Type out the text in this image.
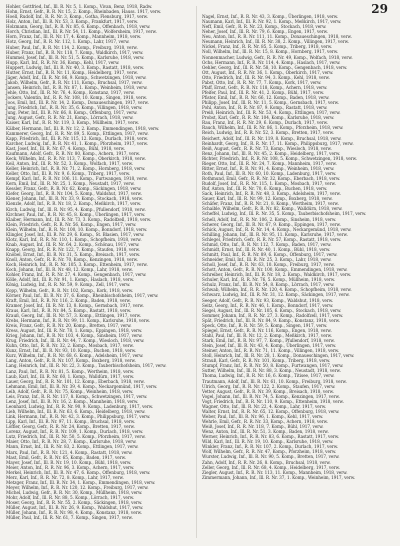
29
Hohler, Gottfried, Inf., Ill. R. Nr. 5, 1. Komp., Vivan, Benz, 1918, Radw.
Hohn, Ernst, Gefr., R. R. Nr. 15, 2. Komp., Rheinbaden, Hauss. 1917, verw.
Hoell, Rudolf, Inf., R. R. Nr. 3, Komp., Gotha, Flensburg, 1917, verw.
Holz, Anton, Inf., Ill. R. Nr. 53, 3. Komp., Frankfurt, 1917, verw.
Holzmann, Georg, Inf., R. R. Nr. 85, 6. Komp., Offenbach, 1918, verw.
Horch, Christian, Inf., Ill. R. Nr. 54, 11. Komp., Wolfersheim, 1917, verw.
Horn, Franz, Inf., Ill. R. Nr. 17, 4. Komp., Mannheim, 1918, verw.
Hotz, Georg, Inf., R. R. Nr. 112, 1. Komp., Lahr, 1917, verw.
Huber, Paul, Inf., R. R. Nr. 114, 2. Komp., Freiburg, 1918, verw.
Huber, Franz, Inf., R. R. Nr. 118, 7. Komp., Waldkirch, 1917, verw.
Hummel, Josef, Inf., Ill. R. Nr. 51, 5. Komp., Karlsruhe, 1918, verw.
Hupp, Karl, Inf., R. R. Nr. 36, Komp., Kehl, 1917, verw.
Huppert, Ludwig, Inf., Ill. R. Nr. 40, 3. Komp., Rastatt, 1918, verw.
Hutter, Ernst, Inf., R. R. Nr. 11, Komp., Heidelberg, 1917, verw.
Jäger, Adolf, Inf., Ill. R. Nr. 86, 9. Komp., Schwetzingen, 1918, verw.
Jakob, Wilhelm, Gefr., R. R. Nr. 111, Komp., Bruchsal, 1917, verw.
Jansen, Heinrich, Inf., R. R. Nr. 87, 1. Komp., Weinheim, 1918, verw.
Jehle, Otto, Inf., Ill. R. Nr. 76, 4. Komp., Konstanz, 1917, verw.
Jockers, Valentin, Inf., R. R. Nr. 108, 10. Komp., Singen, 1918, verw.
Joos, Emil, Inf., Ill. R. Nr. 14, 2. Komp., Donaueschingen, 1917, verw.
Jung, Friedrich, Inf., R. R. Nr. 35, 6. Komp., Villingen, 1918, verw.
Jung, Peter, Inf., Ill. R. Nr. 66, 8. Komp., Offenburg, 1917, verw.
Jung, August, Gefr., R. R. Nr. 21, Komp., Lörrach, 1918, verw.
Kaiser, Karl, Inf., R. R. Nr. 119, 3. Komp., Müllheim, 1917, verw.
Kälber, Hermann, Inf., Ill. R. Nr. 12, 2. Komp., Emmendingen, 1918, verw.
Kammerer, Georg, Inf., R. R. Nr. 89, 5. Komp., Ettlingen, 1917, verw.
Kapp, Friedrich, Inf., Ill. R. Nr. 115, 12. Komp., Durlach, 1918, verw.
Karcher, Ludwig, Inf., R. R. Nr. 41, 1. Komp., Pforzheim, 1917, verw.
Kast, Josef, Inf., Ill. R. Nr. 67, 4. Komp., Bühl, 1918, verw.
Kaufmann, Adolf, Gefr., R. R. Nr. 80, Komp., Achern, 1917, verw.
Keck, Wilhelm, Inf., R. R. Nr. 113, 7. Komp., Oberkirch, 1918, verw.
Keil, Anton, Inf., Ill. R. Nr. 52, 3. Komp., Wolfach, 1917, verw.
Keller, Heinrich, Inf., R. R. Nr. 71, 2. Komp., Hornberg, 1918, verw.
Keller, Otto, Inf., Ill. R. Nr. 9, 6. Komp., Triberg, 1917, verw.
Kempf, Karl, Inf., R. R. Nr. 106, 11. Komp., Furtwangen, 1918, verw.
Kern, Emil, Inf., Ill. R. Nr. 25, 1. Komp., Neustadt, 1917, verw.
Kessler, Franz, Gefr., R. R. Nr. 62, Komp., Säckingen, 1918, verw.
Kiefer, Georg, Inf., R. R. Nr. 104, 5. Komp., Waldshut, 1917, verw.
Kiener, Johann, Inf., Ill. R. Nr. 33, 9. Komp., Stockach, 1918, verw.
Kienzle, Adolf, Inf., R. R. Nr. 18, 2. Komp., Meßkirch, 1917, verw.
Kirch, Ludwig, Inf., Ill. R. Nr. 95, 4. Komp., Pfullendorf, 1918, verw.
Kirchner, Paul, Inf., R. R. Nr. 45, 8. Komp., Überlingen, 1917, verw.
Klaiber, Hermann, Inf., Ill. R. Nr. 73, 3. Komp., Radolfzell, 1918, verw.
Klein, Friedrich, Gefr., R. R. Nr. 56, Komp., Engen, 1917, verw.
Klein, Wilhelm, Inf., R. R. Nr. 100, 10. Komp., Bonndorf, 1918, verw.
Klingler, Josef, Inf., Ill. R. Nr. 29, 6. Komp., St. Blasien, 1917, verw.
Klotz, Karl, Inf., R. R. Nr. 110, 1. Komp., Schopfheim, 1918, verw.
Knab, August, Inf., Ill. R. Nr. 64, 2. Komp., Schönau, 1917, verw.
Knapp, Georg, Inf., R. R. Nr. 122, 7. Komp., Staufen, 1918, verw.
Knöbel, Ernst, Inf., Ill. R. Nr. 31, 5. Komp., Breisach, 1917, verw.
Knoll, Anton, Gefr., R. R. Nr. 70, Komp., Kenzingen, 1918, verw.
Koch, Heinrich, Inf., R. R. Nr. 105, 3. Komp., Ettenheim, 1917, verw.
Koch, Johann, Inf., Ill. R. Nr. 48, 12. Komp., Lahr, 1918, verw.
Kohler, Franz, Inf., R. R. Nr. 27, 4. Komp., Gengenbach, 1917, verw.
Kölle, Adolf, Inf., Ill. R. Nr. 91, 1. Komp., Haslach, 1918, verw.
König, Ludwig, Inf., R. R. Nr. 59, 9. Komp., Zell, 1917, verw.
Kopp, Wilhelm, Gefr., R. R. Nr. 102, Komp., Kork, 1918, verw.
Körner, Paul, Inf., Ill. R. Nr. 37, 6. Komp., Rheinbischofsheim, 1917, verw.
Kraft, Emil, Inf., R. R. Nr. 116, 2. Komp., Baden, 1918, verw.
Kramer, Josef, Inf., Ill. R. Nr. 13, 8. Komp., Gernsbach, 1917, verw.
Kraus, Karl, Inf., R. R. Nr. 84, 5. Komp., Rastatt, 1918, verw.
Krauß, Georg, Inf., Ill. R. Nr. 57, 3. Komp., Ettlingen, 1917, verw.
Krebs, Hermann, Inf., R. R. Nr. 99, 11. Komp., Karlsruhe, 1918, verw.
Kreis, Franz, Gefr., R. R. Nr. 20, Komp., Bretten, 1917, verw.
Kress, August, Inf., Ill. R. Nr. 78, 1. Komp., Eppingen, 1918, verw.
Krieg, Johann, Inf., R. R. Nr. 103, 4. Komp., Sinsheim, 1917, verw.
Krug, Friedrich, Inf., Ill. R. Nr. 44, 7. Komp., Wiesloch, 1918, verw.
Kuhn, Otto, Inf., R. R. Nr. 32, 2. Komp., Mosbach, 1917, verw.
Kunz, Ernst, Inf., Ill. R. Nr. 93, 10. Komp., Buchen, 1918, verw.
Kurz, Wilhelm, Inf., R. R. Nr. 68, 6. Komp., Adelsheim, 1917, verw.
Lang, Anton, Gefr., R. R. Nr. 107, Komp., Boxberg, 1918, verw.
Lang, Heinrich, Inf., Ill. R. Nr. 22, 3. Komp., Tauberbischofsheim, 1917, verw.
Lanz, Paul, Inf., R. R. Nr. 81, 5. Komp., Wertheim, 1918, verw.
Laub, Karl, Inf., Ill. R. Nr. 60, 1. Komp., Walldürn, 1917, verw.
Lauer, Georg, Inf., R. R. Nr. 101, 12. Komp., Eberbach, 1918, verw.
Lehmann, Emil, Inf., Ill. R. Nr. 39, 4. Komp., Neckargemünd, 1917, verw.
Leib, Adolf, Gefr., R. R. Nr. 75, Komp., Weinheim, 1918, verw.
Leis, Franz, Inf., R. R. Nr. 117, 8. Komp., Schwetzingen, 1917, verw.
Lenz, Josef, Inf., Ill. R. Nr. 16, 2. Komp., Mannheim, 1918, verw.
Leonhard, Ludwig, Inf., R. R. Nr. 90, 9. Komp., Ladenburg, 1917, verw.
Lieb, Wilhelm, Inf., Ill. R. Nr. 63, 6. Komp., Heidelberg, 1918, verw.
Link, Hermann, Inf., R. R. Nr. 42, 3. Komp., Philippsburg, 1917, verw.
Lipp, Karl, Inf., Ill. R. Nr. 97, 11. Komp., Bruchsal, 1918, verw.
Löffler, Georg, Gefr., R. R. Nr. 24, Komp., Bretten, 1917, verw.
Lorenz, August, Inf., R. R. Nr. 109, 1. Komp., Durlach, 1918, verw.
Lutz, Friedrich, Inf., Ill. R. Nr. 50, 5. Komp., Pforzheim, 1917, verw.
Maier, Otto, Inf., R. R. Nr. 28, 7. Komp., Karlsruhe, 1918, verw.
Mann, Ernst, Inf., Ill. R. Nr. 83, 2. Komp., Ettlingen, 1917, verw.
Marx, Paul, Inf., R. R. Nr. 121, 4. Komp., Rastatt, 1918, verw.
Mast, Emil, Gefr., R. R. Nr. 65, Komp., Baden, 1917, verw.
Mayer, Josef, Inf., Ill. R. Nr. 19, 10. Komp., Bühl, 1918, verw.
Meier, Anton, Inf., R. R. Nr. 96, 3. Komp., Achern, 1917, verw.
Merkel, Heinrich, Inf., Ill. R. Nr. 47, 6. Komp., Offenburg, 1918, verw.
Merz, Karl, Inf., R. R. Nr. 72, 8. Komp., Lahr, 1917, verw.
Metzger, Franz, Inf., Ill. R. Nr. 34, 1. Komp., Emmendingen, 1918, verw.
Meyer, Wilhelm, Inf., R. R. Nr. 120, 12. Komp., Freiburg, 1917, verw.
Michel, Ludwig, Gefr., R. R. Nr. 30, Komp., Müllheim, 1918, verw.
Mohr, Adolf, Inf., Ill. R. Nr. 88, 5. Komp., Lörrach, 1917, verw.
Moser, Georg, Inf., R. R. Nr. 55, 2. Komp., Säckingen, 1918, verw.
Müller, August, Inf., Ill. R. Nr. 26, 9. Komp., Waldshut, 1917, verw.
Müller, Johann, Inf., R. R. Nr. 98, 4. Komp., Konstanz, 1918, verw.
Müller, Paul, Inf., Ill. R. Nr. 61, 7. Komp., Singen, 1917, verw.
Nagel, Ernst, Inf., R. R. Nr. 43, 3. Komp., Überlingen, 1918, verw.
Naumann, Karl, Inf., Ill. R. Nr. 92, 1. Komp., Meßkirch, 1917, verw.
Neff, Emil, Gefr., R. R. Nr. 23, Komp., Stockach, 1918, verw.
Neher, Josef, Inf., Ill. R. Nr. 79, 6. Komp., Engen, 1917, verw.
Neu, Anton, Inf., R. R. Nr. 111, 11. Komp., Donaueschingen, 1918, verw.
Neumann, Heinrich, Inf., Ill. R. Nr. 38, 2. Komp., Villingen, 1917, verw.
Nickel, Franz, Inf., R. R. Nr. 85, 5. Komp., Triberg, 1918, verw.
Noll, Wilhelm, Inf., Ill. R. Nr. 15, 8. Komp., Hornberg, 1917, verw.
Nonnenmacher, Ludwig, Gefr., R. R. Nr. 49, Komp., Wolfach, 1918, verw.
Ochs, Hermann, Inf., R. R. Nr. 114, 4. Komp., Haslach, 1917, verw.
Oehler, Georg, Inf., Ill. R. Nr. 58, 10. Komp., Gengenbach, 1918, verw.
Ott, August, Inf., R. R. Nr. 36, 1. Komp., Oberkirch, 1917, verw.
Otto, Friedrich, Inf., Ill. R. Nr. 94, 3. Komp., Kehl, 1918, verw.
Pabst, Otto, Inf., R. R. Nr. 77, 7. Komp., Kork, 1917, verw.
Pfaff, Ernst, Gefr., R. R. Nr. 118, Komp., Achern, 1918, verw.
Pfeifer, Paul, Inf., Ill. R. Nr. 41, 2. Komp., Bühl, 1917, verw.
Pfister, Emil, Inf., R. R. Nr. 66, 12. Komp., Baden, 1918, verw.
Philipp, Josef, Inf., Ill. R. Nr. 11, 5. Komp., Gernsbach, 1917, verw.
Pohl, Anton, Inf., R. R. Nr. 87, 9. Komp., Rastatt, 1918, verw.
Preiß, Heinrich, Inf., Ill. R. Nr. 53, 4. Komp., Ettlingen, 1917, verw.
Probst, Karl, Gefr., R. R. Nr. 104, Komp., Karlsruhe, 1918, verw.
Rau, Franz, Inf., R. R. Nr. 29, 6. Komp., Durlach, 1917, verw.
Rauch, Wilhelm, Inf., Ill. R. Nr. 86, 1. Komp., Pforzheim, 1918, verw.
Reich, Ludwig, Inf., R. R. Nr. 52, 3. Komp., Bretten, 1917, verw.
Reichert, Adolf, Inf., Ill. R. Nr. 119, 8. Komp., Bruchsal, 1918, verw.
Reinhardt, Georg, Inf., R. R. Nr. 17, 11. Komp., Philippsburg, 1917, verw.
Reiß, August, Gefr., R. R. Nr. 73, Komp., Wiesloch, 1918, verw.
Renz, Johann, Inf., Ill. R. Nr. 45, 2. Komp., Heidelberg, 1917, verw.
Richter, Friedrich, Inf., R. R. Nr. 108, 5. Komp., Schwetzingen, 1918, verw.
Rieger, Otto, Inf., Ill. R. Nr. 24, 7. Komp., Mannheim, 1917, verw.
Ritter, Ernst, Inf., R. R. Nr. 91, 4. Komp., Weinheim, 1918, verw.
Roth, Paul, Inf., Ill. R. Nr. 60, 10. Komp., Ladenburg, 1917, verw.
Rothmund, Emil, Gefr., R. R. Nr. 32, Komp., Eberbach, 1918, verw.
Rudolf, Josef, Inf., R. R. Nr. 115, 1. Komp., Mosbach, 1917, verw.
Ruf, Anton, Inf., Ill. R. Nr. 70, 6. Komp., Buchen, 1918, verw.
Sack, Heinrich, Inf., R. R. Nr. 48, 3. Komp., Adelsheim, 1917, verw.
Sauer, Karl, Inf., Ill. R. Nr. 99, 12. Komp., Boxberg, 1918, verw.
Schäfer, Franz, Inf., R. R. Nr. 21, 8. Komp., Wertheim, 1917, verw.
Schaible, Wilhelm, Gefr., R. R. Nr. 82, Komp., Walldürn, 1918, verw.
Scheffel, Ludwig, Inf., Ill. R. Nr. 35, 5. Komp., Tauberbischofsheim, 1917, verw.
Schell, Adolf, Inf., R. R. Nr. 106, 2. Komp., Sinsheim, 1918, verw.
Scherer, Georg, Inf., Ill. R. Nr. 67, 9. Komp., Eppingen, 1917, verw.
Schick, August, Inf., R. R. Nr. 14, 4. Komp., Neckargemünd, 1918, verw.
Schilling, Johann, Inf., Ill. R. Nr. 95, 11. Komp., Karlsruhe, 1917, verw.
Schlegel, Friedrich, Gefr., R. R. Nr. 57, Komp., Rastatt, 1918, verw.
Schmid, Otto, Inf., R. R. Nr. 112, 7. Komp., Baden, 1917, verw.
Schmidt, Ernst, Inf., Ill. R. Nr. 40, 1. Komp., Bühl, 1918, verw.
Schmitt, Paul, Inf., R. R. Nr. 89, 6. Komp., Offenburg, 1917, verw.
Schneider, Emil, Inf., Ill. R. Nr. 25, 3. Komp., Lahr, 1918, verw.
Scholl, Josef, Inf., R. R. Nr. 63, 10. Komp., Freiburg, 1917, verw.
Schott, Anton, Gefr., R. R. Nr. 100, Komp., Emmendingen, 1918, verw.
Schreiber, Heinrich, Inf., Ill. R. Nr. 18, 2. Komp., Waldkirch, 1917, verw.
Schuler, Karl, Inf., R. R. Nr. 76, 5. Komp., Müllheim, 1918, verw.
Schulz, Franz, Inf., Ill. R. Nr. 54, 8. Komp., Lörrach, 1917, verw.
Schwab, Wilhelm, Inf., R. R. Nr. 120, 4. Komp., Schopfheim, 1918, verw.
Schwarz, Ludwig, Inf., Ill. R. Nr. 31, 12. Komp., Säckingen, 1917, verw.
Seeger, Adolf, Gefr., R. R. Nr. 93, Komp., Waldshut, 1918, verw.
Seitz, Georg, Inf., R. R. Nr. 46, 1. Komp., Bonndorf, 1917, verw.
Siegel, August, Inf., Ill. R. Nr. 105, 6. Komp., Stockach, 1918, verw.
Sommer, Johann, Inf., R. R. Nr. 27, 3. Komp., Radolfzell, 1917, verw.
Spät, Friedrich, Inf., Ill. R. Nr. 84, 9. Komp., Konstanz, 1918, verw.
Speck, Otto, Inf., R. R. Nr. 59, 5. Komp., Singen, 1917, verw.
Spiegel, Ernst, Gefr., R. R. Nr. 116, Komp., Engen, 1918, verw.
Stahl, Paul, Inf., Ill. R. Nr. 12, 2. Komp., Meßkirch, 1917, verw.
Stark, Emil, Inf., R. R. Nr. 97, 7. Komp., Pfullendorf, 1918, verw.
Stein, Josef, Inf., Ill. R. Nr. 43, 4. Komp., Überlingen, 1917, verw.
Steiner, Anton, Inf., R. R. Nr. 71, 11. Komp., Villingen, 1918, verw.
Stoll, Heinrich, Inf., Ill. R. Nr. 28, 1. Komp., Donaueschingen, 1917, verw.
Strauß, Karl, Gefr., R. R. Nr. 101, Komp., Triberg, 1918, verw.
Stumpf, Franz, Inf., R. R. Nr. 50, 8. Komp., Furtwangen, 1917, verw.
Sutter, Wilhelm, Inf., Ill. R. Nr. 88, 3. Komp., Neustadt, 1918, verw.
Thoma, Ludwig, Inf., R. R. Nr. 16, 6. Komp., Titisee, 1917, verw.
Trautmann, Adolf, Inf., Ill. R. Nr. 61, 10. Komp., Freiburg, 1918, verw.
Ulrich, Georg, Inf., R. R. Nr. 122, 2. Komp., Staufen, 1917, verw.
Vetter, August, Gefr., R. R. Nr. 39, Komp., Breisach, 1918, verw.
Vogel, Johann, Inf., Ill. R. Nr. 74, 5. Komp., Kenzingen, 1917, verw.
Vogt, Friedrich, Inf., R. R. Nr. 110, 9. Komp., Ettenheim, 1918, verw.
Wagner, Otto, Inf., Ill. R. Nr. 22, 4. Komp., Lahr, 1917, verw.
Walter, Ernst, Inf., R. R. Nr. 65, 12. Komp., Offenburg, 1918, verw.
Weber, Paul, Inf., Ill. R. Nr. 96, 1. Komp., Kehl, 1917, verw.
Wehrle, Emil, Gefr., R. R. Nr. 33, Komp., Achern, 1918, verw.
Weiß, Josef, Inf., R. R. Nr. 118, 7. Komp., Bühl, 1917, verw.
Wenz, Anton, Inf., Ill. R. Nr. 51, 3. Komp., Baden, 1918, verw.
Werner, Heinrich, Inf., R. R. Nr. 83, 6. Komp., Rastatt, 1917, verw.
Wild, Karl, Inf., Ill. R. Nr. 19, 10. Komp., Karlsruhe, 1918, verw.
Winkler, Franz, Inf., R. R. Nr. 107, 2. Komp., Durlach, 1917, verw.
Wolf, Wilhelm, Gefr., R. R. Nr. 47, Komp., Pforzheim, 1918, verw.
Wurster, Ludwig, Inf., Ill. R. Nr. 90, 5. Komp., Bretten, 1917, verw.
Zahn, Adolf, Inf., R. R. Nr. 26, 8. Komp., Bruchsal, 1918, verw.
Zeller, Georg, Inf., Ill. R. Nr. 68, 4. Komp., Heidelberg, 1917, verw.
Ziegler, August, Inf., R. R. Nr. 113, 11. Komp., Mannheim, 1918, verw.
Zimmermann, Johann, Inf., Ill. R. Nr. 37, 1. Komp., Weinheim, 1917, verw.
